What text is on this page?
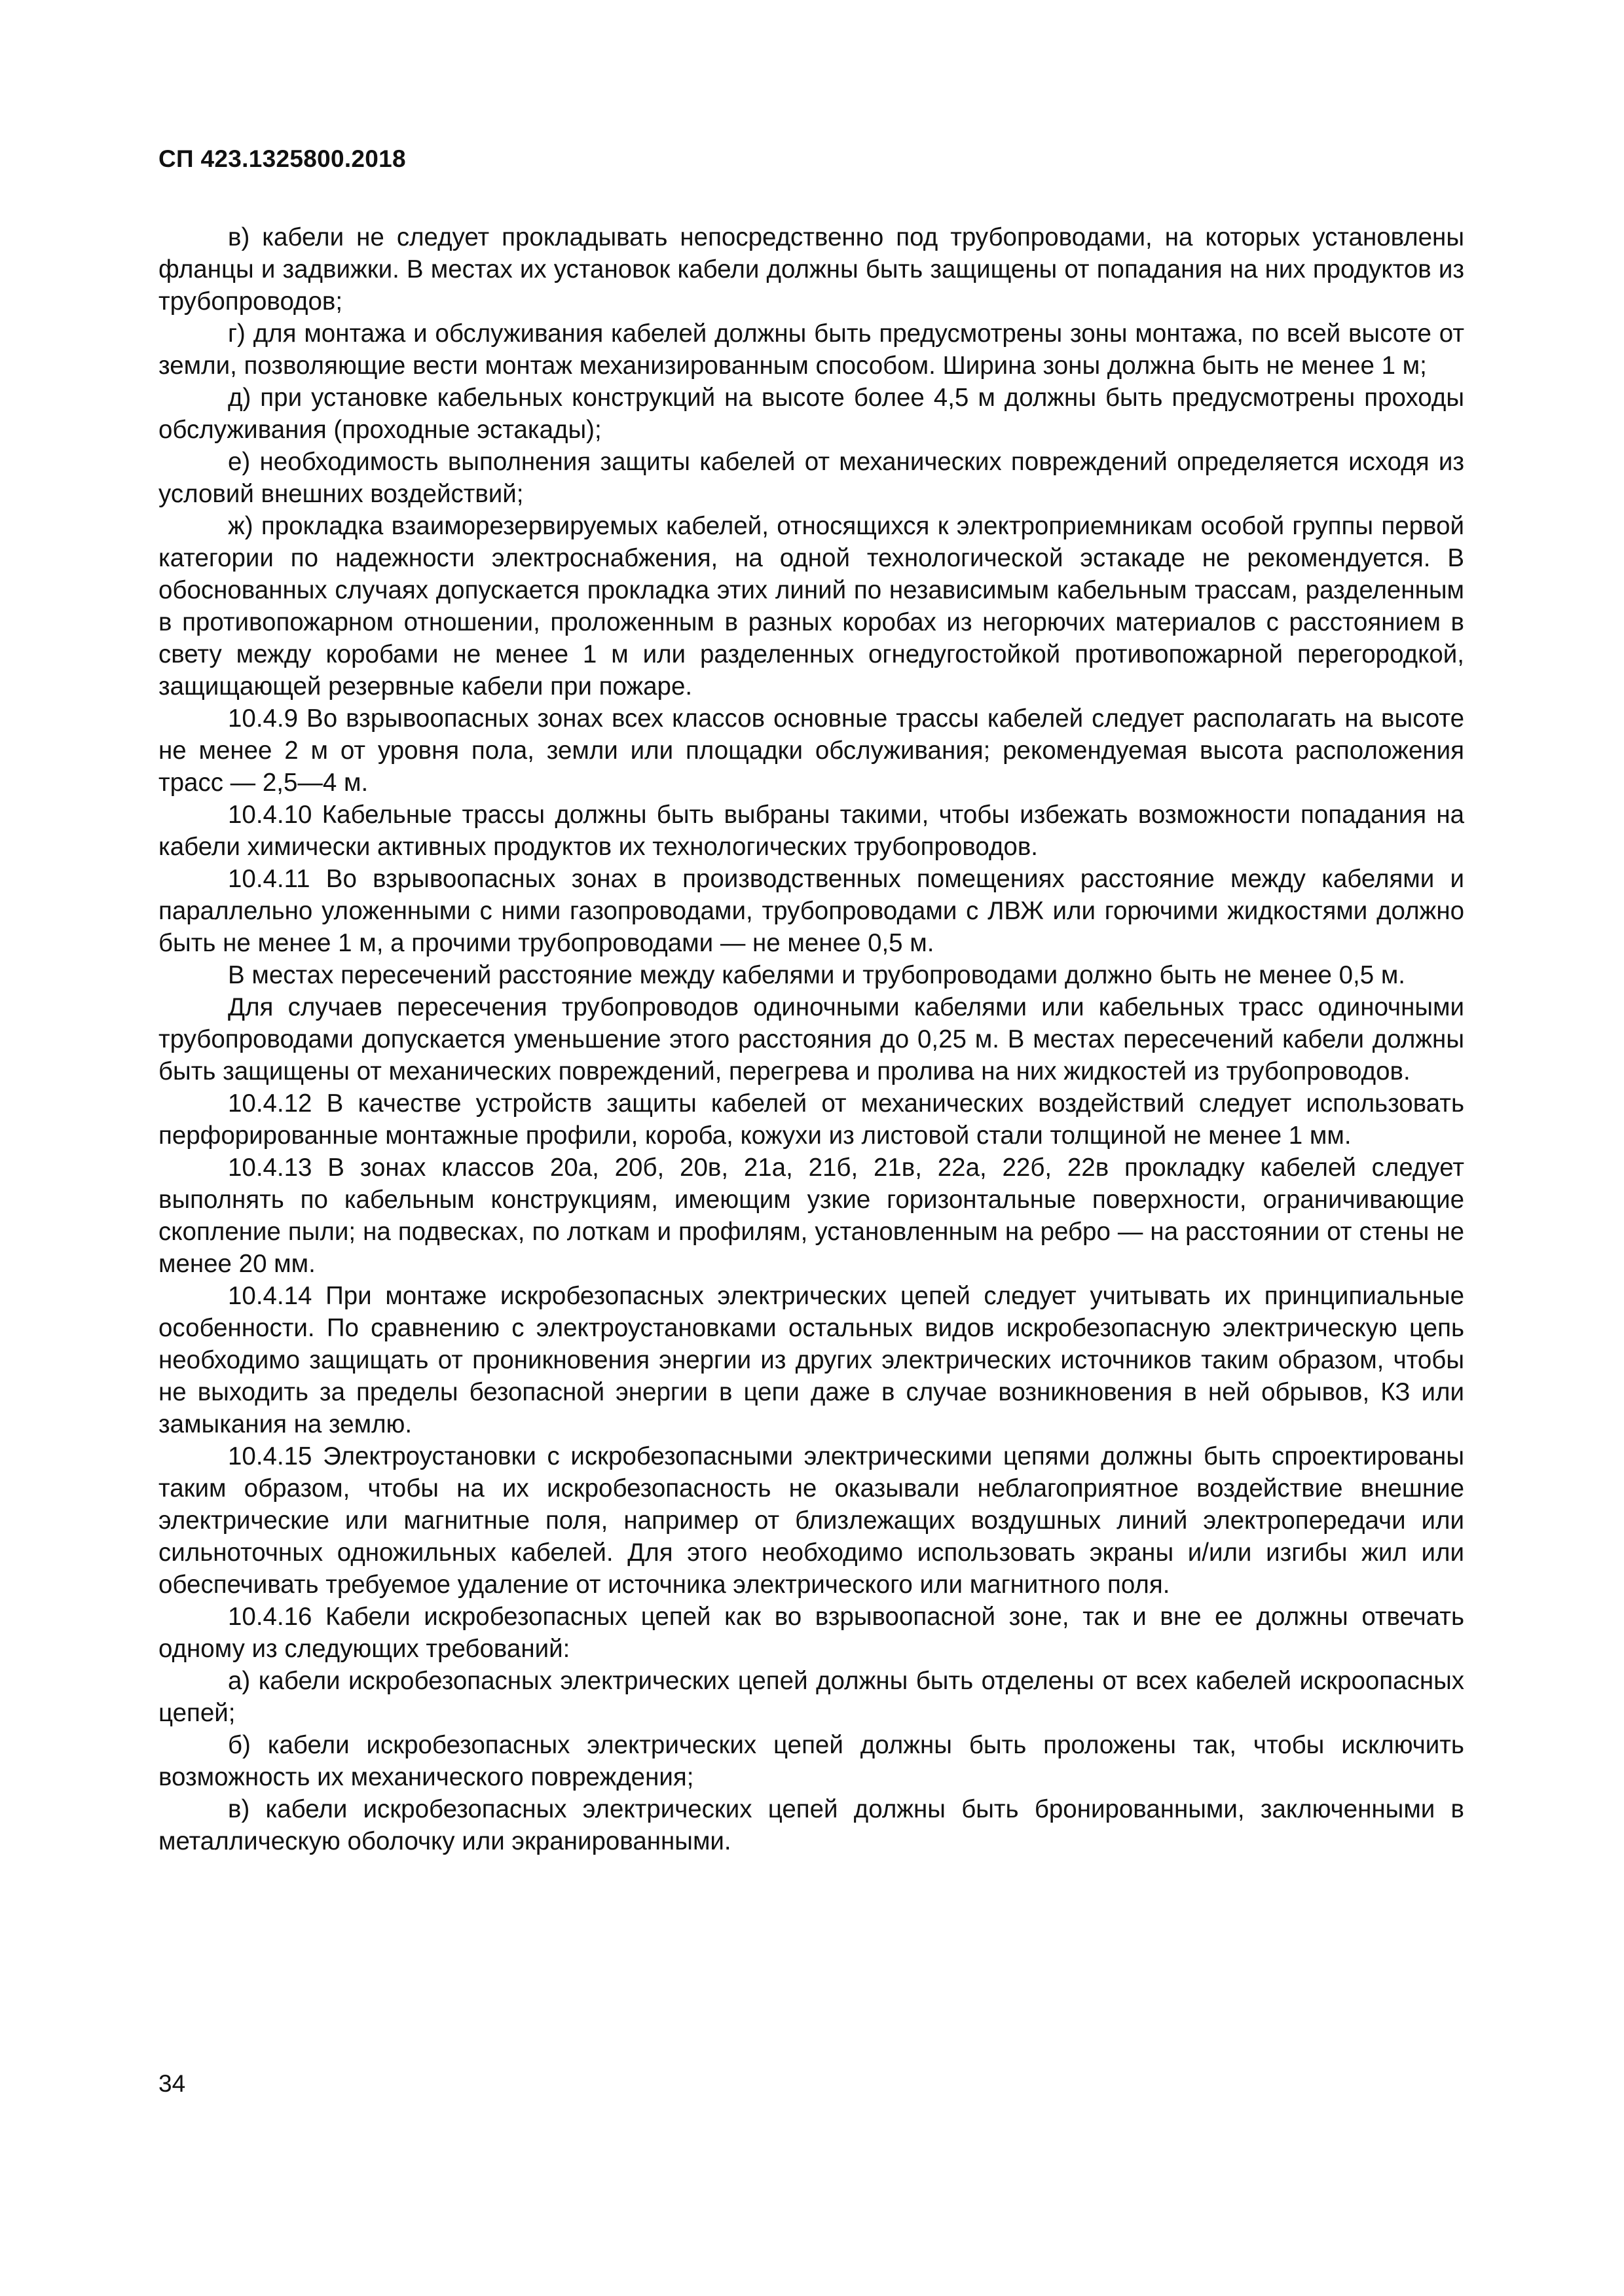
СП 423.1325800.2018

в) кабели не следует прокладывать непосредственно под трубопроводами, на которых установлены фланцы и задвижки. В местах их установок кабели должны быть защищены от попадания на них продуктов из трубопроводов;

г) для монтажа и обслуживания кабелей должны быть предусмотрены зоны монтажа, по всей высоте от земли, позволяющие вести монтаж механизированным способом. Ширина зоны должна быть не менее 1 м;

д) при установке кабельных конструкций на высоте более 4,5 м должны быть предусмотрены проходы обслуживания (проходные эстакады);

е) необходимость выполнения защиты кабелей от механических повреждений определяется исходя из условий внешних воздействий;

ж) прокладка взаиморезервируемых кабелей, относящихся к электроприемникам особой группы первой категории по надежности электроснабжения, на одной технологической эстакаде не рекомендуется. В обоснованных случаях допускается прокладка этих линий по независимым кабельным трассам, разделенным в противопожарном отношении, проложенным в разных коробах из негорючих материалов с расстоянием в свету между коробами не менее 1 м или разделенных огнедугостойкой противопожарной перегородкой, защищающей резервные кабели при пожаре.

10.4.9 Во взрывоопасных зонах всех классов основные трассы кабелей следует располагать на высоте не менее 2 м от уровня пола, земли или площадки обслуживания; рекомендуемая высота расположения трасс — 2,5—4 м.

10.4.10 Кабельные трассы должны быть выбраны такими, чтобы избежать возможности попадания на кабели химически активных продуктов их технологических трубопроводов.

10.4.11 Во взрывоопасных зонах в производственных помещениях расстояние между кабелями и параллельно уложенными с ними газопроводами, трубопроводами с ЛВЖ или горючими жидкостями должно быть не менее 1 м, а прочими трубопроводами — не менее 0,5 м.

В местах пересечений расстояние между кабелями и трубопроводами должно быть не менее 0,5 м.

Для случаев пересечения трубопроводов одиночными кабелями или кабельных трасс одиночными трубопроводами допускается уменьшение этого расстояния до 0,25 м. В местах пересечений кабели должны быть защищены от механических повреждений, перегрева и пролива на них жидкостей из трубопроводов.

10.4.12 В качестве устройств защиты кабелей от механических воздействий следует использовать перфорированные монтажные профили, короба, кожухи из листовой стали толщиной не менее 1 мм.

10.4.13 В зонах классов 20а, 20б, 20в, 21а, 21б, 21в, 22а, 22б, 22в прокладку кабелей следует выполнять по кабельным конструкциям, имеющим узкие горизонтальные поверхности, ограничивающие скопление пыли; на подвесках, по лоткам и профилям, установленным на ребро — на расстоянии от стены не менее 20 мм.

10.4.14 При монтаже искробезопасных электрических цепей следует учитывать их принципиальные особенности. По сравнению с электроустановками остальных видов искробезопасную электрическую цепь необходимо защищать от проникновения энергии из других электрических источников таким образом, чтобы не выходить за пределы безопасной энергии в цепи даже в случае возникновения в ней обрывов, КЗ или замыкания на землю.

10.4.15 Электроустановки с искробезопасными электрическими цепями должны быть спроектированы таким образом, чтобы на их искробезопасность не оказывали неблагоприятное воздействие внешние электрические или магнитные поля, например от близлежащих воздушных линий электропередачи или сильноточных одножильных кабелей. Для этого необходимо использовать экраны и/или изгибы жил или обеспечивать требуемое удаление от источника электрического или магнитного поля.

10.4.16 Кабели искробезопасных цепей как во взрывоопасной зоне, так и вне ее должны отвечать одному из следующих требований:

а) кабели искробезопасных электрических цепей должны быть отделены от всех кабелей искроопасных цепей;

б) кабели искробезопасных электрических цепей должны быть проложены так, чтобы исключить возможность их механического повреждения;

в) кабели искробезопасных электрических цепей должны быть бронированными, заключенными в металлическую оболочку или экранированными.

34
